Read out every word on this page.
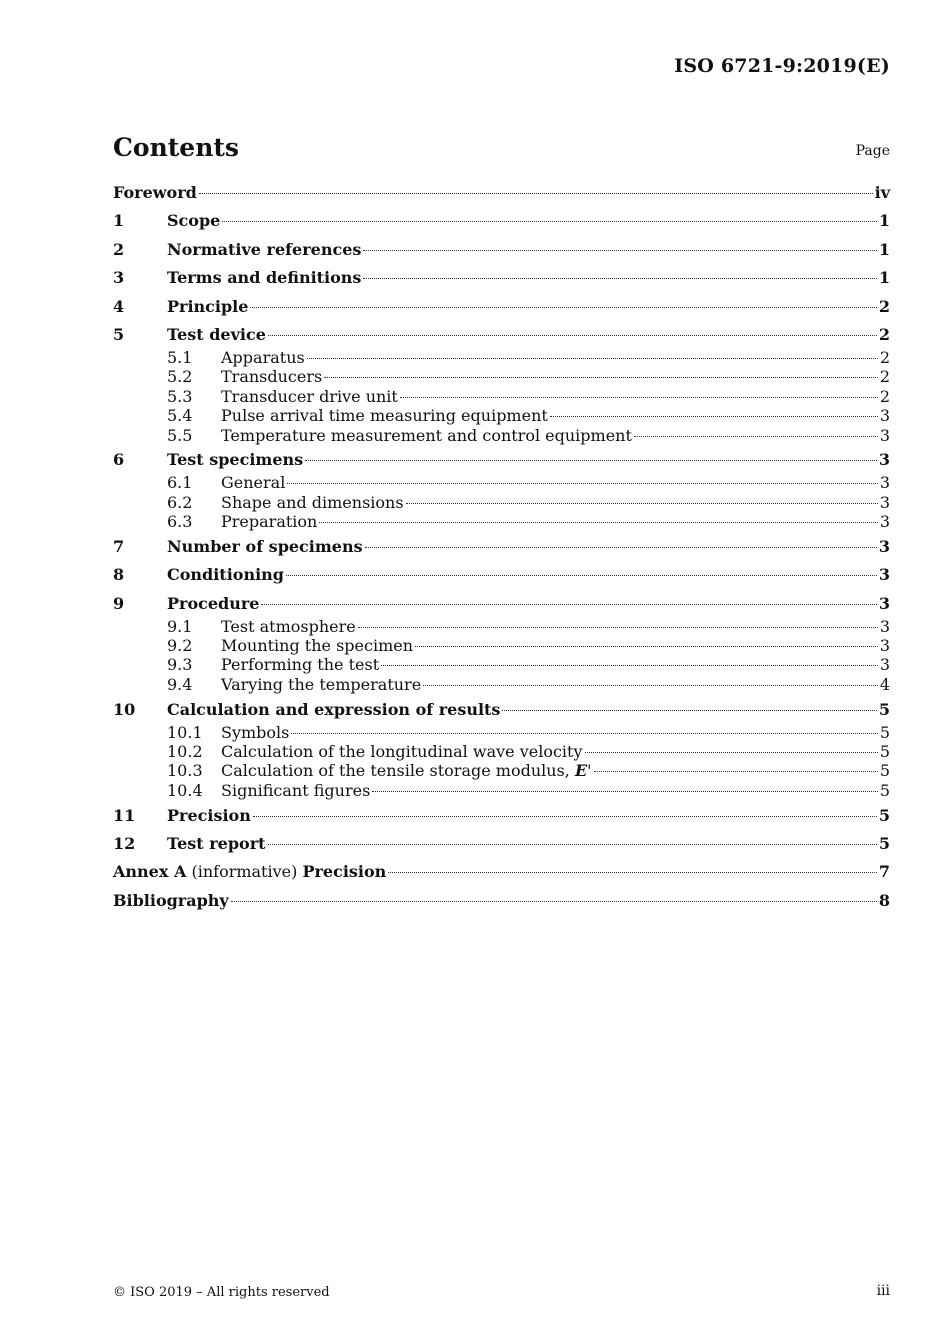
ISO 6721-9:2019(E)
Contents	Page
Foreword	iv
1	Scope	1
2	Normative references	1
3	Terms and definitions	1
4	Principle	2
5	Test device	2
5.1	Apparatus	2
5.2	Transducers	2
5.3	Transducer drive unit	2
5.4	Pulse arrival time measuring equipment	3
5.5	Temperature measurement and control equipment	3
6	Test specimens	3
6.1	General	3
6.2	Shape and dimensions	3
6.3	Preparation	3
7	Number of specimens	3
8	Conditioning	3
9	Procedure	3
9.1	Test atmosphere	3
9.2	Mounting the specimen	3
9.3	Performing the test	3
9.4	Varying the temperature	4
10	Calculation and expression of results	5
10.1	Symbols	5
10.2	Calculation of the longitudinal wave velocity	5
10.3	Calculation of the tensile storage modulus, E'	5
10.4	Significant figures	5
11	Precision	5
12	Test report	5
Annex A (informative) Precision	7
Bibliography	8
© ISO 2019 – All rights reserved	iii
